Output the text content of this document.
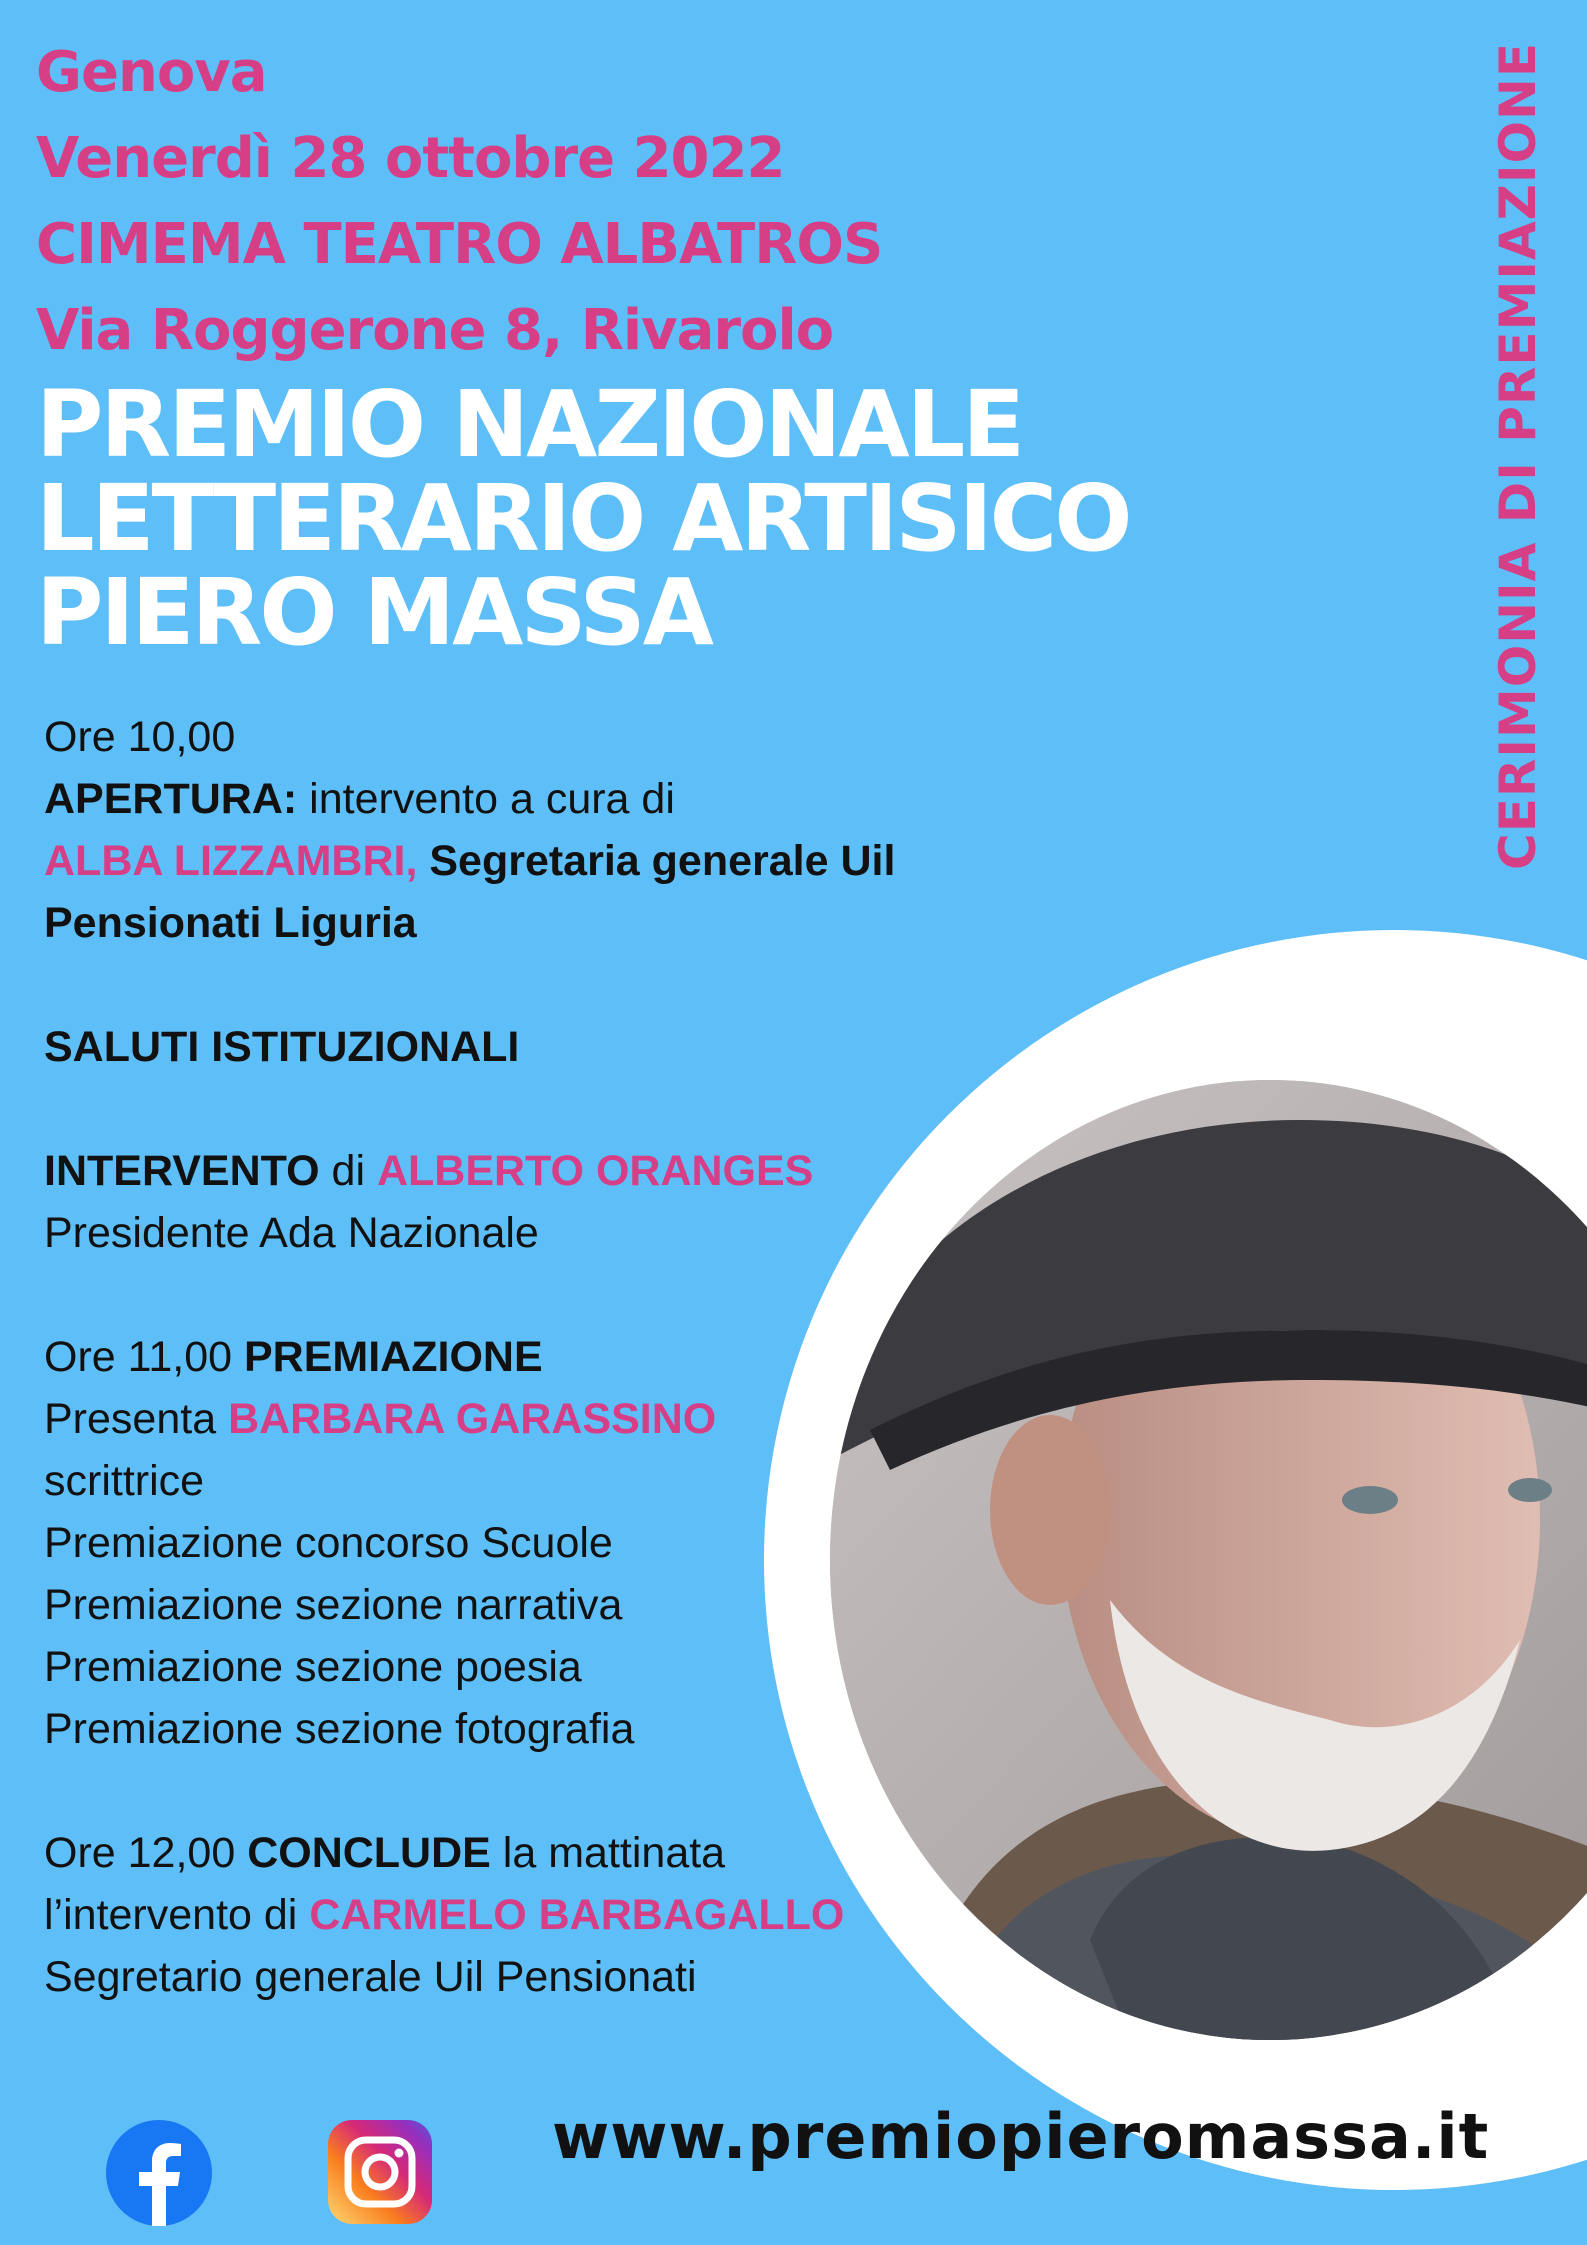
Genova
Venerdì 28 ottobre 2022
CIMEMA TEATRO ALBATROS
Via Roggerone 8, Rivarolo
PREMIO NAZIONALE
LETTERARIO ARTISICO
PIERO MASSA	CERIMONIA DI PREMIAZIONE
Ore 10,00
APERTURA: intervento a cura di
ALBA LIZZAMBRI, Segretaria generale Uil
Pensionati Liguria
SALUTI ISTITUZIONALI
INTERVENTO di ALBERTO ORANGES
Presidente Ada Nazionale
Ore 11,00 PREMIAZIONE
Presenta BARBARA GARASSINO
scrittrice
Premiazione concorso Scuole
Premiazione sezione narrativa
Premiazione sezione poesia
Premiazione sezione fotografia
Ore 12,00 CONCLUDE la mattinata
l’intervento di CARMELO BARBAGALLO
Segretario generale Uil Pensionati
www.premiopieromassa.it
